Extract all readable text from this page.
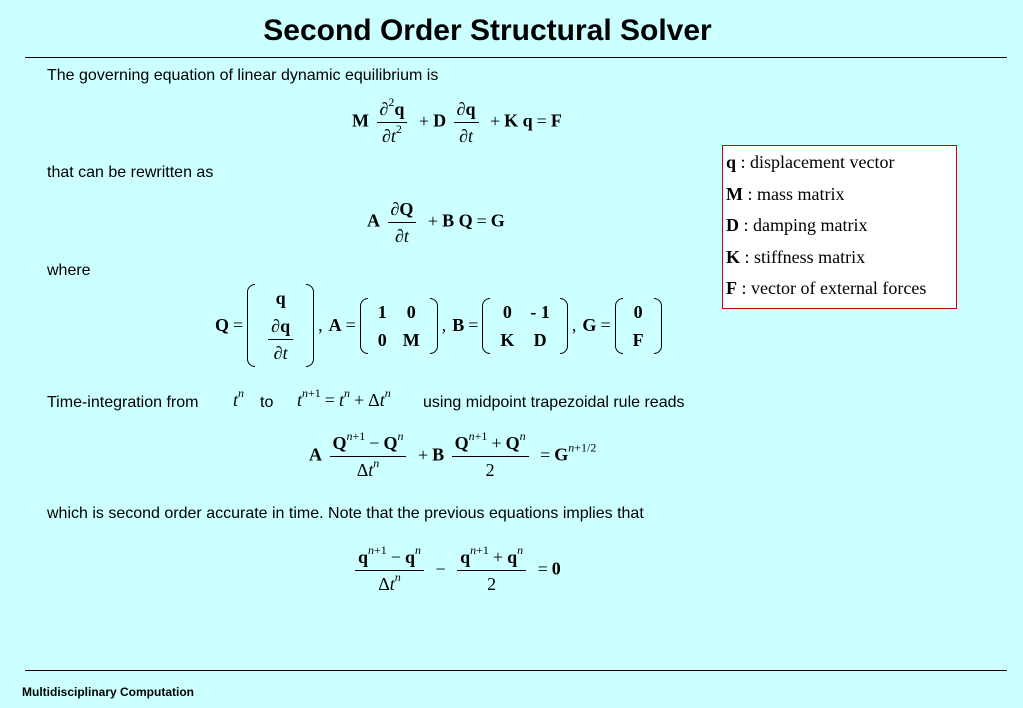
Second Order Structural Solver
The governing equation of linear dynamic equilibrium is
M $\frac{\partial^2q}{\partial t^2} + D \frac{\partial q}{\partial t} + K$ q = F
that can be rewritten as
A $\frac{\partial Q}{\partial t} + B$ Q = G
where
Q =
q

$\frac{\partial q}{\partial t}$ , A =
1	0
0	M
, B =
0	- 1
K	D
, G =
0
F
Time-integration from $t^n$
to $t^{n+1} = t^n + \Delta t^n$
using midpoint trapezoidal rule reads
A $\frac{Q^{n+1} - Q^n}{\Delta t^n} + B \frac{Q^{n+1} + Q^n}{2} = G^{n+1/2}$
which is second order accurate in time. Note that the previous equations implies that
$\frac{q^{n+1} - q^n}{\Delta t^n} - \frac{q^{n+1} + q^n}{2} = 0$
q : displacement vector
M : mass matrix
D : damping matrix
K : stiffness matrix
F : vector of external forces
Multidisciplinary Computation
